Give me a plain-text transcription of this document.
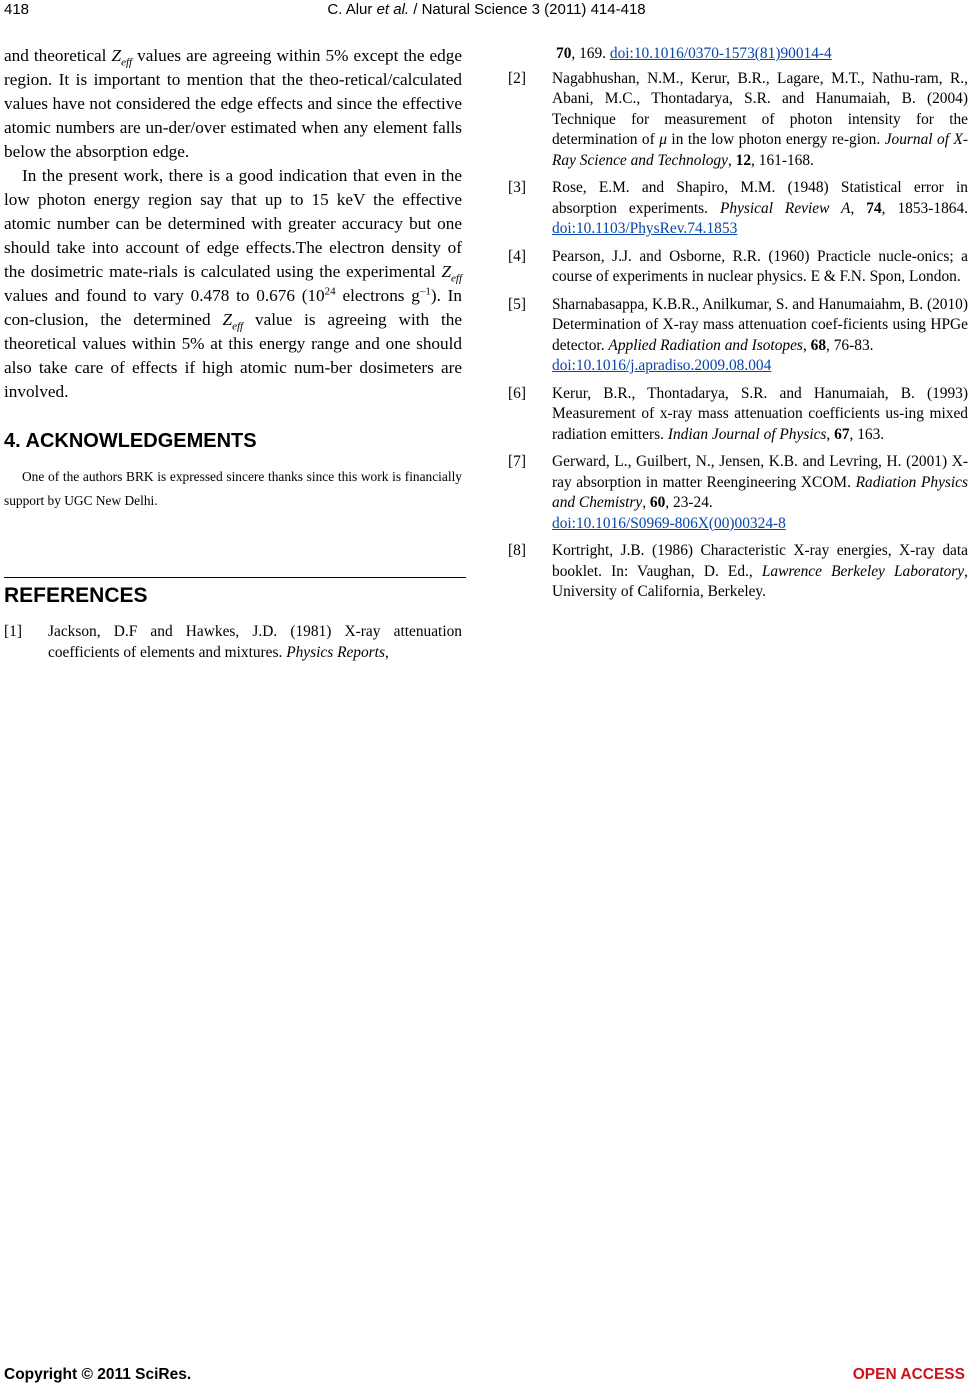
418	C. Alur et al. / Natural Science 3 (2011) 414-418

and theoretical $Z_{eff}$ values are agreeing within 5% except the edge region. It is important to mention that the theo-retical/calculated values have not considered the edge effects and since the effective atomic numbers are un-der/over estimated when any element falls below the absorption edge.

In the present work, there is a good indication that even in the low photon energy region say that up to 15 keV the effective atomic number can be determined with greater accuracy but one should take into account of edge effects.The electron density of the dosimetric mate-rials is calculated using the experimental $Z_{eff}$ values and found to vary 0.478 to 0.676 ($10^{24}$ electrons $g^{-1}$). In con-clusion, the determined $Z_{eff}$ value is agreeing with the theoretical values within 5% at this energy range and one should also take care of effects if high atomic num-ber dosimeters are involved.

4. ACKNOWLEDGEMENTS

One of the authors BRK is expressed sincere thanks since this work is financially support by UGC New Delhi.

REFERENCES

[1] Jackson, D.F and Hawkes, J.D. (1981) X-ray attenuation coefficients of elements and mixtures. Physics Reports,

70, 169. doi:10.1016/0370-1573(81)90014-4

[2] Nagabhushan, N.M., Kerur, B.R., Lagare, M.T., Nathu-ram, R., Abani, M.C., Thontadarya, S.R. and Hanumaiah, B. (2004) Technique for measurement of photon intensity for the determination of μ in the low photon energy re-gion. Journal of X-Ray Science and Technology, 12, 161-168.

[3] Rose, E.M. and Shapiro, M.M. (1948) Statistical error in absorption experiments. Physical Review A, 74, 1853-1864. doi:10.1103/PhysRev.74.1853

[4] Pearson, J.J. and Osborne, R.R. (1960) Practicle nucle-onics; a course of experiments in nuclear physics. E & F.N. Spon, London.

[5] Sharnabasappa, K.B.R., Anilkumar, S. and Hanumaiahm, B. (2010) Determination of X-ray mass attenuation coef-ficients using HPGe detector. Applied Radiation and Isotopes, 68, 76-83.
doi:10.1016/j.apradiso.2009.08.004

[6] Kerur, B.R., Thontadarya, S.R. and Hanumaiah, B. (1993) Measurement of x-ray mass attenuation coefficients us-ing mixed radiation emitters. Indian Journal of Physics, 67, 163.

[7] Gerward, L., Guilbert, N., Jensen, K.B. and Levring, H. (2001) X-ray absorption in matter Reengineering XCOM. Radiation Physics and Chemistry, 60, 23-24.
doi:10.1016/S0969-806X(00)00324-8

[8] Kortright, J.B. (1986) Characteristic X-ray energies, X-ray data booklet. In: Vaughan, D. Ed., Lawrence Berkeley Laboratory, University of California, Berkeley.

Copyright © 2011 SciRes.	OPEN ACCESS
